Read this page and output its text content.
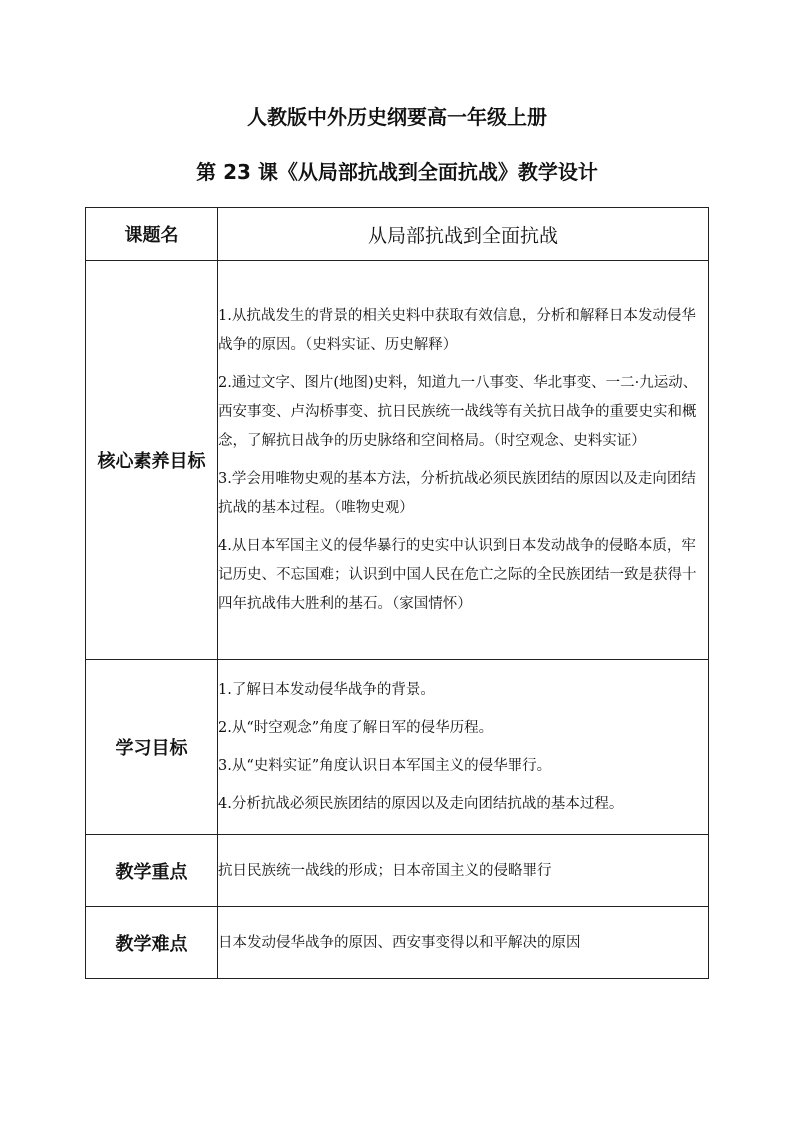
人教版中外历史纲要高一年级上册
第 23 课《从局部抗战到全面抗战》教学设计
课题名	从局部抗战到全面抗战
核心素养目标	1.从抗战发生的背景的相关史料中获取有效信息，分析和解释日本发动侵华战争的原因。（史料实证、历史解释）

2.通过文字、图片(地图)史料，知道九一八事变、华北事变、一二·九运动、西安事变、卢沟桥事变、抗日民族统一战线等有关抗日战争的重要史实和概念，了解抗日战争的历史脉络和空间格局。（时空观念、史料实证）

3.学会用唯物史观的基本方法，分析抗战必须民族团结的原因以及走向团结抗战的基本过程。（唯物史观）

4.从日本军国主义的侵华暴行的史实中认识到日本发动战争的侵略本质，牢记历史、不忘国难；认识到中国人民在危亡之际的全民族团结一致是获得十四年抗战伟大胜利的基石。（家国情怀）

学习目标	1.了解日本发动侵华战争的背景。

2.从“时空观念”角度了解日军的侵华历程。

3.从“史料实证”角度认识日本军国主义的侵华罪行。

4.分析抗战必须民族团结的原因以及走向团结抗战的基本过程。

教学重点	抗日民族统一战线的形成；日本帝国主义的侵略罪行

教学难点	日本发动侵华战争的原因、西安事变得以和平解决的原因
